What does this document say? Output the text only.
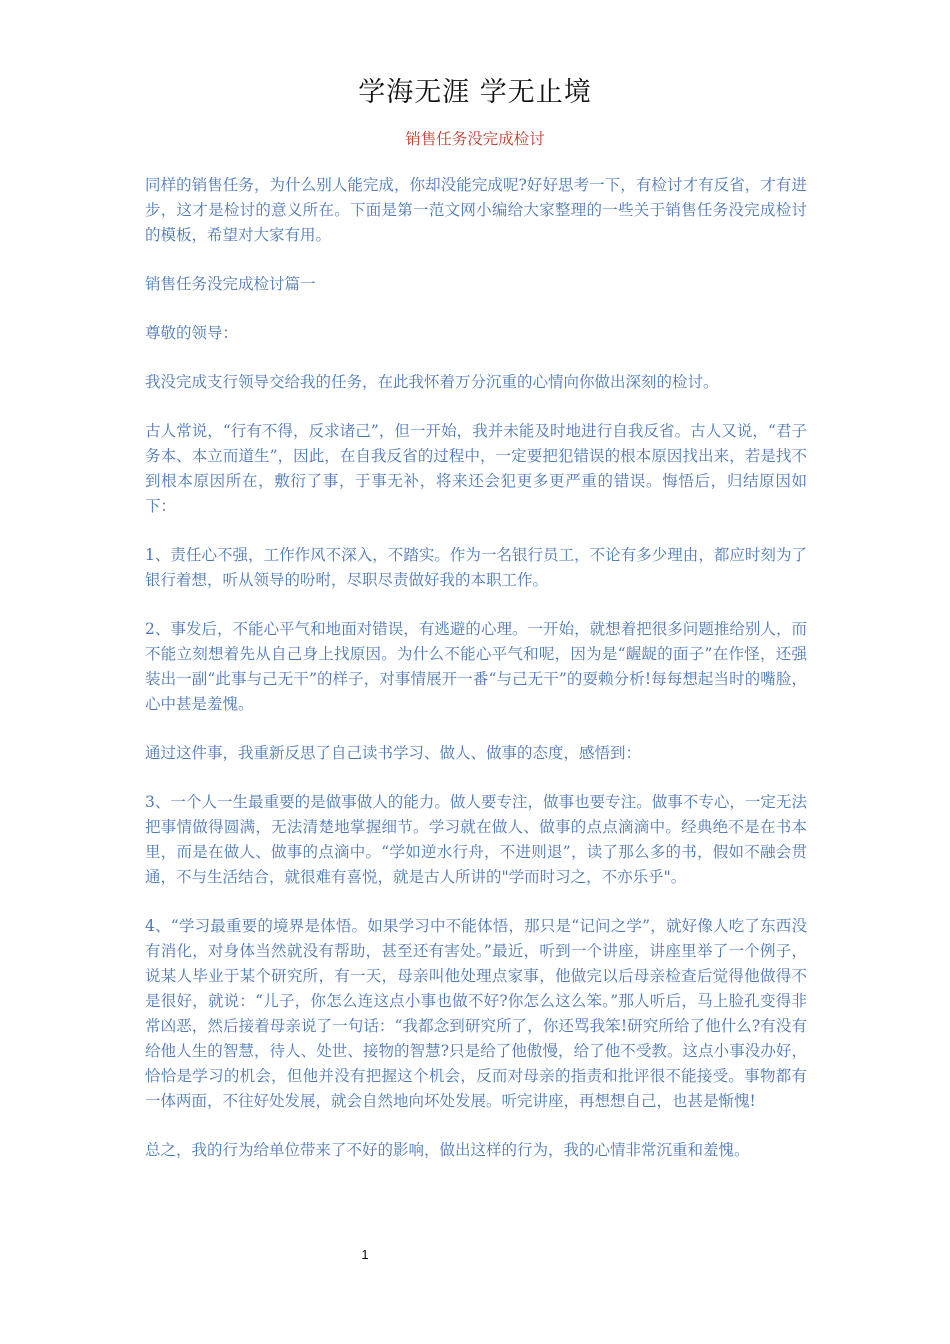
学海无涯 学无止境
销售任务没完成检讨

同样的销售任务，为什么别人能完成，你却没能完成呢?好好思考一下，有检讨才有反省，才有进步，这才是检讨的意义所在。下面是第一范文网小编给大家整理的一些关于销售任务没完成检讨的模板，希望对大家有用。

销售任务没完成检讨篇一

尊敬的领导：

我没完成支行领导交给我的任务，在此我怀着万分沉重的心情向你做出深刻的检讨。

古人常说，“行有不得，反求诸己”，但一开始，我并未能及时地进行自我反省。古人又说，“君子务本、本立而道生”，因此，在自我反省的过程中，一定要把犯错误的根本原因找出来，若是找不到根本原因所在，敷衍了事，于事无补，将来还会犯更多更严重的错误。悔悟后，归结原因如下：

1、责任心不强，工作作风不深入，不踏实。作为一名银行员工，不论有多少理由，都应时刻为了银行着想，听从领导的吩咐，尽职尽责做好我的本职工作。

2、事发后，不能心平气和地面对错误，有逃避的心理。一开始，就想着把很多问题推给别人，而不能立刻想着先从自己身上找原因。为什么不能心平气和呢，因为是“龌龊的面子”在作怪，还强装出一副“此事与己无干”的样子，对事情展开一番“与己无干”的耍赖分析!每每想起当时的嘴脸，心中甚是羞愧。

通过这件事，我重新反思了自己读书学习、做人、做事的态度，感悟到：

3、一个人一生最重要的是做事做人的能力。做人要专注，做事也要专注。做事不专心，一定无法把事情做得圆满，无法清楚地掌握细节。学习就在做人、做事的点点滴滴中。经典绝不是在书本里，而是在做人、做事的点滴中。“学如逆水行舟，不进则退”，读了那么多的书，假如不融会贯通，不与生活结合，就很难有喜悦，就是古人所讲的"学而时习之，不亦乐乎"。

4、“学习最重要的境界是体悟。如果学习中不能体悟，那只是“记问之学”，就好像人吃了东西没有消化，对身体当然就没有帮助，甚至还有害处。”最近，听到一个讲座，讲座里举了一个例子，说某人毕业于某个研究所，有一天，母亲叫他处理点家事，他做完以后母亲检查后觉得他做得不是很好，就说：“儿子，你怎么连这点小事也做不好?你怎么这么笨。”那人听后，马上脸孔变得非常凶恶，然后接着母亲说了一句话：“我都念到研究所了，你还骂我笨!研究所给了他什么?有没有给他人生的智慧，待人、处世、接物的智慧?只是给了他傲慢，给了他不受教。这点小事没办好，恰恰是学习的机会，但他并没有把握这个机会，反而对母亲的指责和批评很不能接受。事物都有一体两面，不往好处发展，就会自然地向坏处发展。听完讲座，再想想自己，也甚是惭愧!

总之，我的行为给单位带来了不好的影响，做出这样的行为，我的心情非常沉重和羞愧。

1
